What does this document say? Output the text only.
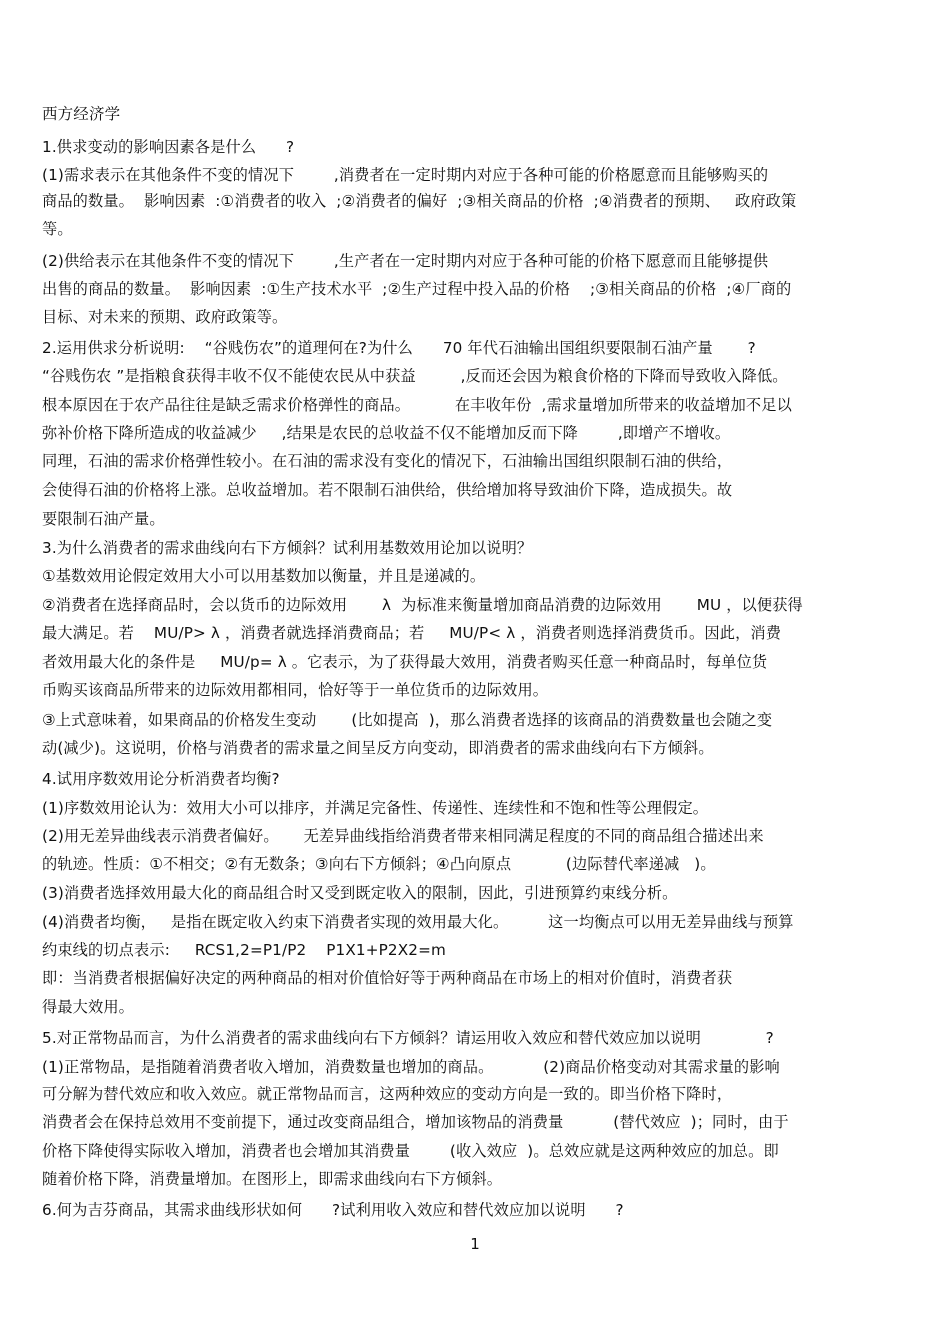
西方经济学
1.供求变动的影响因素各是什么      ?
(1)需求表示在其他条件不变的情况下        ,消费者在一定时期内对应于各种可能的价格愿意而且能够购买的
商品的数量。  影响因素  :①消费者的收入  ;②消费者的偏好  ;③相关商品的价格  ;④消费者的预期、   政府政策
等。
(2)供给表示在其他条件不变的情况下        ,生产者在一定时期内对应于各种可能的价格下愿意而且能够提供
出售的商品的数量。  影响因素  :①生产技术水平  ;②生产过程中投入品的价格    ;③相关商品的价格  ;④厂商的
目标、对未来的预期、政府政策等。
2.运用供求分析说明:    “谷贱伤农”的道理何在?为什么      70 年代石油输出国组织要限制石油产量       ?
“谷贱伤农 ”是指粮食获得丰收不仅不能使农民从中获益         ,反而还会因为粮食价格的下降而导致收入降低。
根本原因在于农产品往往是缺乏需求价格弹性的商品。         在丰收年份  ,需求量增加所带来的收益增加不足以
弥补价格下降所造成的收益减少     ,结果是农民的总收益不仅不能增加反而下降        ,即增产不增收。
同理，石油的需求价格弹性较小。在石油的需求没有变化的情况下，石油输出国组织限制石油的供给，
会使得石油的价格将上涨。总收益增加。若不限制石油供给，供给增加将导致油价下降，造成损失。故
要限制石油产量。
3.为什么消费者的需求曲线向右下方倾斜？试利用基数效用论加以说明？
①基数效用论假定效用大小可以用基数加以衡量，并且是递减的。
②消费者在选择商品时，会以货币的边际效用       λ  为标准来衡量增加商品消费的边际效用       MU ，以便获得
最大满足。若    MU/P> λ ，消费者就选择消费商品；若     MU/P< λ ，消费者则选择消费货币。因此，消费
者效用最大化的条件是     MU/p= λ 。它表示，为了获得最大效用，消费者购买任意一种商品时，每单位货
币购买该商品所带来的边际效用都相同，恰好等于一单位货币的边际效用。
③上式意味着，如果商品的价格发生变动       (比如提高  )，那么消费者选择的该商品的消费数量也会随之变
动(减少)。这说明，价格与消费者的需求量之间呈反方向变动，即消费者的需求曲线向右下方倾斜。
4.试用序数效用论分析消费者均衡?
(1)序数效用论认为：效用大小可以排序，并满足完备性、传递性、连续性和不饱和性等公理假定。
(2)用无差异曲线表示消费者偏好。     无差异曲线指给消费者带来相同满足程度的不同的商品组合描述出来
的轨迹。性质：①不相交；②有无数条；③向右下方倾斜；④凸向原点           (边际替代率递减   )。
(3)消费者选择效用最大化的商品组合时又受到既定收入的限制，因此，引进预算约束线分析。
(4)消费者均衡，   是指在既定收入约束下消费者实现的效用最大化。        这一均衡点可以用无差异曲线与预算
约束线的切点表示:     RCS1,2=P1/P2    P1X1+P2X2=m
即：当消费者根据偏好决定的两种商品的相对价值恰好等于两种商品在市场上的相对价值时，消费者获
得最大效用。
5.对正常物品而言，为什么消费者的需求曲线向右下方倾斜？请运用收入效应和替代效应加以说明             ?
(1)正常物品，是指随着消费者收入增加，消费数量也增加的商品。          (2)商品价格变动对其需求量的影响
可分解为替代效应和收入效应。就正常物品而言，这两种效应的变动方向是一致的。即当价格下降时，
消费者会在保持总效用不变前提下，通过改变商品组合，增加该物品的消费量          (替代效应  )；同时，由于
价格下降使得实际收入增加，消费者也会增加其消费量        (收入效应  )。总效应就是这两种效应的加总。即
随着价格下降，消费量增加。在图形上，即需求曲线向右下方倾斜。
6.何为吉芬商品，其需求曲线形状如何      ?试利用收入效应和替代效应加以说明      ?
1
